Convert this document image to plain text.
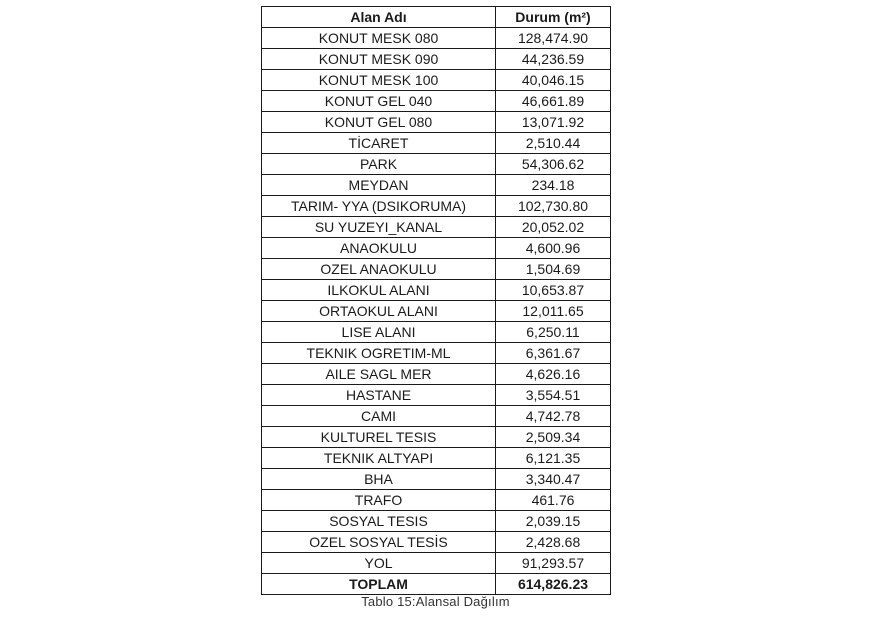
Alan Adı	Durum (m²)
KONUT MESK 080	128,474.90
KONUT MESK 090	44,236.59
KONUT MESK 100	40,046.15
KONUT GEL 040	46,661.89
KONUT GEL 080	13,071.92
TİCARET	2,510.44
PARK	54,306.62
MEYDAN	234.18
TARIM- YYA (DSIKORUMA)	102,730.80
SU YUZEYI_KANAL	20,052.02
ANAOKULU	4,600.96
OZEL ANAOKULU	1,504.69
ILKOKUL ALANI	10,653.87
ORTAOKUL ALANI	12,011.65
LISE ALANI	6,250.11
TEKNIK OGRETIM-ML	6,361.67
AILE SAGL MER	4,626.16
HASTANE	3,554.51
CAMI	4,742.78
KULTUREL TESIS	2,509.34
TEKNIK ALTYAPI	6,121.35
BHA	3,340.47
TRAFO	461.76
SOSYAL TESIS	2,039.15
OZEL SOSYAL TESİS	2,428.68
YOL	91,293.57
TOPLAM	614,826.23
Tablo 15:Alansal Dağılım
